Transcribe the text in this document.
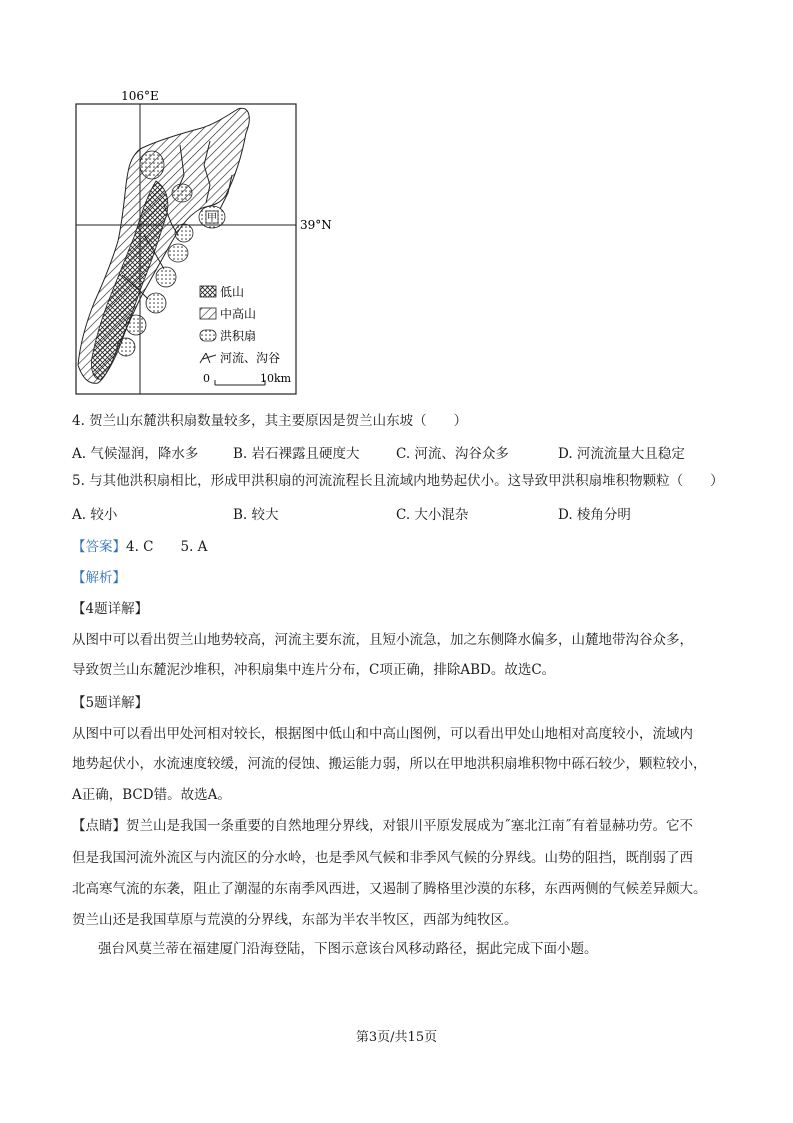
甲
106°E
39°N
低山
中高山
洪积扇
河流、沟谷
0	10km
4. 贺兰山东麓洪积扇数量较多，其主要原因是贺兰山东坡（　　）
A. 气候湿润，降水多	B. 岩石裸露且硬度大	C. 河流、沟谷众多	D. 河流流量大且稳定
5. 与其他洪积扇相比，形成甲洪积扇的河流流程长且流域内地势起伏小。这导致甲洪积扇堆积物颗粒（　　）
A. 较小	B. 较大	C. 大小混杂	D. 棱角分明
【答案】4. C　　5. A
【解析】
【4题详解】
从图中可以看出贺兰山地势较高，河流主要东流，且短小流急，加之东侧降水偏多，山麓地带沟谷众多，
导致贺兰山东麓泥沙堆积，冲积扇集中连片分布，C项正确，排除ABD。故选C。
【5题详解】
从图中可以看出甲处河相对较长，根据图中低山和中高山图例，可以看出甲处山地相对高度较小，流域内
地势起伏小，水流速度较缓，河流的侵蚀、搬运能力弱，所以在甲地洪积扇堆积物中砾石较少，颗粒较小，
A正确，BCD错。故选A。
【点睛】贺兰山是我国一条重要的自然地理分界线，对银川平原发展成为˝塞北江南˝有着显赫功劳。它不
但是我国河流外流区与内流区的分水岭，也是季风气候和非季风气候的分界线。山势的阻挡，既削弱了西
北高寒气流的东袭，阻止了潮湿的东南季风西进，又遏制了腾格里沙漠的东移，东西两侧的气候差异颇大。
贺兰山还是我国草原与荒漠的分界线，东部为半农半牧区，西部为纯牧区。
强台风莫兰蒂在福建厦门沿海登陆，下图示意该台风移动路径，据此完成下面小题。
第3页/共15页
